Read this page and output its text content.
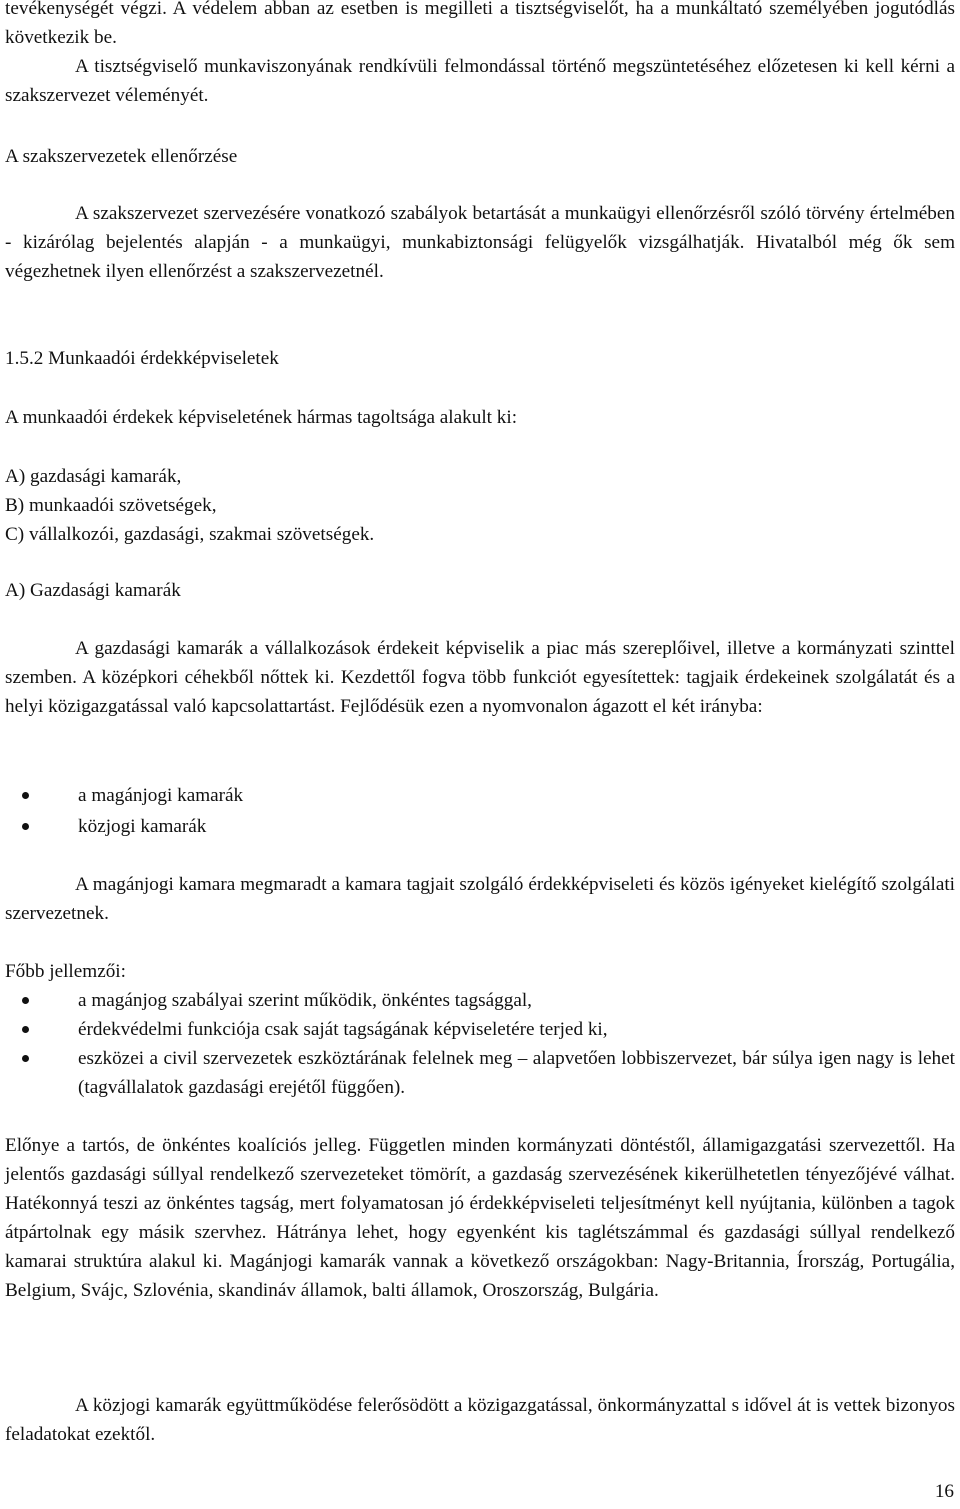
tevékenységét végzi. A védelem abban az esetben is megilleti a tisztségviselőt, ha a munkáltató személyében jogutódlás következik be.

A tisztségviselő munkaviszonyának rendkívüli felmondással történő megszüntetéséhez előzetesen ki kell kérni a szakszervezet véleményét.

A szakszervezetek ellenőrzése

A szakszervezet szervezésére vonatkozó szabályok betartását a munkaügyi ellenőrzésről szóló törvény értelmében - kizárólag bejelentés alapján - a munkaügyi, munkabiztonsági felügyelők vizsgálhatják. Hivatalból még ők sem végezhetnek ilyen ellenőrzést a szakszervezetnél.

1.5.2 Munkaadói érdekképviseletek

A munkaadói érdekek képviseletének hármas tagoltsága alakult ki:

A) gazdasági kamarák,

B) munkaadói szövetségek,

C) vállalkozói, gazdasági, szakmai szövetségek.

A) Gazdasági kamarák

A gazdasági kamarák a vállalkozások érdekeit képviselik a piac más szereplőivel, illetve a kormányzati szinttel szemben. A középkori céhekből nőttek ki. Kezdettől fogva több funkciót egyesítettek: tagjaik érdekeinek szolgálatát és a helyi közigazgatással való kapcsolattartást. Fejlődésük ezen a nyomvonalon ágazott el két irányba:

a magánjogi kamarák
közjogi kamarák

A magánjogi kamara megmaradt a kamara tagjait szolgáló érdekképviseleti és közös igényeket kielégítő szolgálati szervezetnek.

Főbb jellemzői:

a magánjog szabályai szerint működik, önkéntes tagsággal,
érdekvédelmi funkciója csak saját tagságának képviseletére terjed ki,
eszközei a civil szervezetek eszköztárának felelnek meg – alapvetően lobbiszervezet, bár súlya igen nagy is lehet (tagvállalatok gazdasági erejétől függően).

Előnye a tartós, de önkéntes koalíciós jelleg. Független minden kormányzati döntéstől, államigazgatási szervezettől. Ha jelentős gazdasági súllyal rendelkező szervezeteket tömörít, a gazdaság szervezésének kikerülhetetlen tényezőjévé válhat. Hatékonnyá teszi az önkéntes tagság, mert folyamatosan jó érdekképviseleti teljesítményt kell nyújtania, különben a tagok átpártolnak egy másik szervhez. Hátránya lehet, hogy egyenként kis taglétszámmal és gazdasági súllyal rendelkező kamarai struktúra alakul ki. Magánjogi kamarák vannak a következő országokban: Nagy-Britannia, Írország, Portugália, Belgium, Svájc, Szlovénia, skandináv államok, balti államok, Oroszország, Bulgária.

A közjogi kamarák együttműködése felerősödött a közigazgatással, önkormányzattal s idővel át is vettek bizonyos feladatokat ezektől.

16
